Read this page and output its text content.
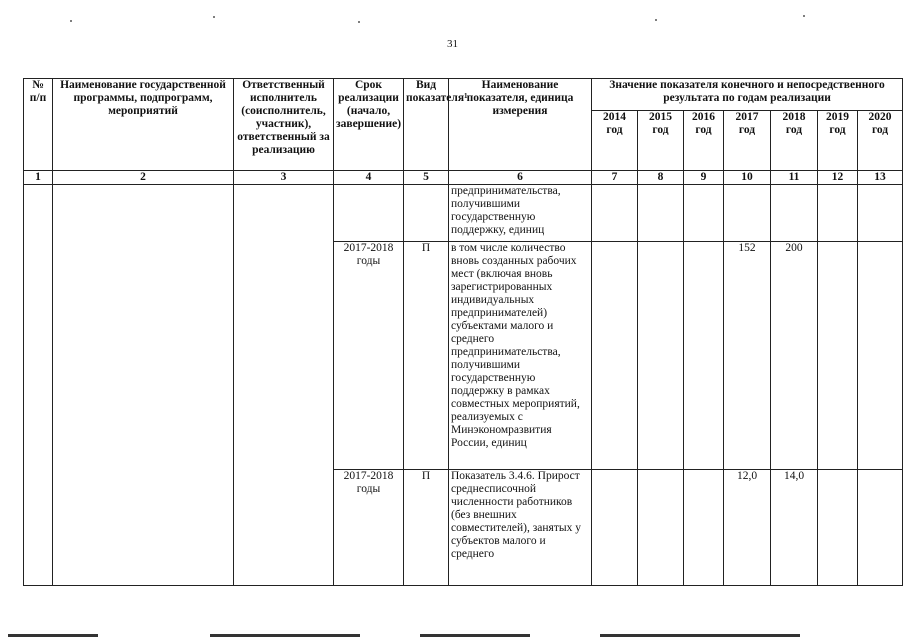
31
№ п/п	Наименование государственной программы, подпрограмм, мероприятий	Ответственный исполнитель (соисполнитель, участник), ответственный за реализацию	Срок реализации (начало, завершение)	Вид показателя¹	Наименование показателя, единица измерения	Значение показателя конечного и непосредственного результата по годам реализации						
						2014 год	2015 год	2016 год	2017 год	2018 год	2019 год	2020 год
1	2	3	4	5	6	7	8	9	10	11	12	13
					предпринимательства, получившими государственную поддержку, единиц							
			2017-2018 годы	П	в том числе количество вновь созданных рабочих мест (включая вновь зарегистрированных индивидуальных предпринимателей) субъектами малого и среднего предпринимательства, получившими государственную поддержку в рамках совместных мероприятий, реализуемых с Минэкономразвития России, единиц				152	200		
			2017-2018 годы	П	Показатель 3.4.6. Прирост среднесписочной численности работников (без внешних совместителей), занятых у субъектов малого и среднего				12,0	14,0		
